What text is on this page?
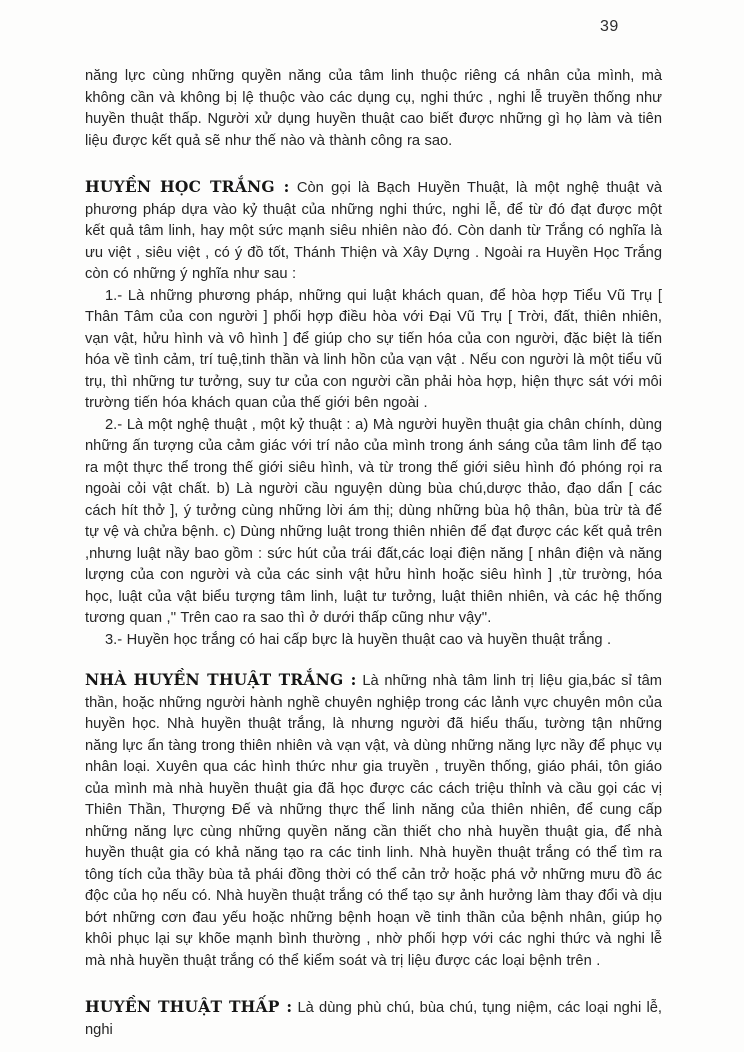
39

năng lực cùng những quyền năng của tâm linh thuộc riêng cá nhân của mình, mà không cần và không bị lệ thuộc vào các dụng cụ, nghi thức , nghi lễ truyền thống như huyền thuật thấp. Người xử dụng huyền thuật cao biết được những gì họ làm và tiên liệu được kết quả sẽ như thế nào và thành công ra sao.

HUYỀN HỌC TRẮNG : Còn gọi là Bạch Huyền Thuật, là một nghệ thuật và phương pháp dựa vào kỷ thuật của những nghi thức, nghi lễ, để từ đó đạt được một kết quả tâm linh, hay một sức mạnh siêu nhiên nào đó. Còn danh từ Trắng có nghĩa là ưu việt , siêu việt , có ý đồ tốt, Thánh Thiện và Xây Dựng . Ngoài ra Huyền Học Trắng còn có những ý nghĩa như sau :

1.- Là những phương pháp, những qui luật khách quan, để hòa hợp Tiểu Vũ Trụ [ Thân Tâm của con người ] phối hợp điều hòa với Đại Vũ Trụ [ Trời, đất, thiên nhiên, vạn vật, hửu hình và vô hình ] để giúp cho sự tiến hóa của con người, đặc biệt là tiến hóa về tình cảm, trí tuệ,tinh thần và linh hồn của vạn vật . Nếu con người là một tiểu vũ trụ, thì những tư tưởng, suy tư của con người cần phải hòa hợp, hiện thực sát với môi trường tiến hóa khách quan của thế giới bên ngoài .

2.- Là một nghệ thuật , một kỷ thuật : a) Mà người huyền thuật gia chân chính, dùng những ấn tượng của cảm giác với trí nảo của mình trong ánh sáng của tâm linh để tạo ra một thực thể trong thế giới siêu hình, và từ trong thế giới siêu hình đó phóng rọi ra ngoài cỏi vật chất. b) Là người cầu nguyện dùng bùa chú,dược thảo, đạo dẩn [ các cách hít thở ], ý tưởng cùng những lời ám thị; dùng những bùa hộ thân, bùa trừ tà để tự vệ và chửa bệnh. c) Dùng những luật trong thiên nhiên để đạt được các kết quả trên ,nhưng luật nầy bao gồm : sức hút của trái đất,các loại điện năng [ nhân điện và năng lượng của con người và của các sinh vật hửu hình hoặc siêu hình ] ,từ trường, hóa học, luật của vật biểu tượng tâm linh, luật tư tưởng, luật thiên nhiên, và các hệ thống tương quan ,'' Trên cao ra sao thì ở dưới thấp cũng như vậy''.

3.- Huyền học trắng có hai cấp bực là huyền thuật cao và huyền thuật trắng .

NHÀ HUYỀN THUẬT TRẮNG : Là những nhà tâm linh trị liệu gia,bác sỉ tâm thần, hoặc những người hành nghề chuyên nghiệp trong các lảnh vực chuyên môn của huyền học. Nhà huyền thuật trắng, là nhưng người đã hiểu thấu, tường tận những năng lực ẩn tàng trong thiên nhiên và vạn vật, và dùng những năng lực nầy để phục vụ nhân loại. Xuyên qua các hình thức như gia truyền , truyền thống, giáo phái, tôn giáo của mình mà nhà huyền thuật gia đã học được các cách triệu thỉnh và cầu gọi các vị Thiên Thần, Thượng Đế và những thực thể linh năng của thiên nhiên, để cung cấp những năng lực cùng những quyền năng cần thiết cho nhà huyền thuật gia, để nhà huyền thuật gia có khả năng tạo ra các tinh linh. Nhà huyền thuật trắng có thể tìm ra tông tích của thầy bùa tả phái đồng thời có thể cản trở hoặc phá vở những mưu đồ ác độc của họ nếu có. Nhà huyền thuật trắng có thể tạo sự ảnh hưởng làm thay đổi và dịu bớt những cơn đau yếu hoặc những bệnh hoạn về tinh thần của bệnh nhân, giúp họ khôi phục lại sự khõe mạnh bình thường , nhờ phối hợp với các nghi thức và nghi lễ mà nhà huyền thuật trắng có thể kiểm soát và trị liệu được các loại bệnh trên .

HUYỀN THUẬT THẤP : Là dùng phù chú, bùa chú, tụng niệm, các loại nghi lễ, nghi
